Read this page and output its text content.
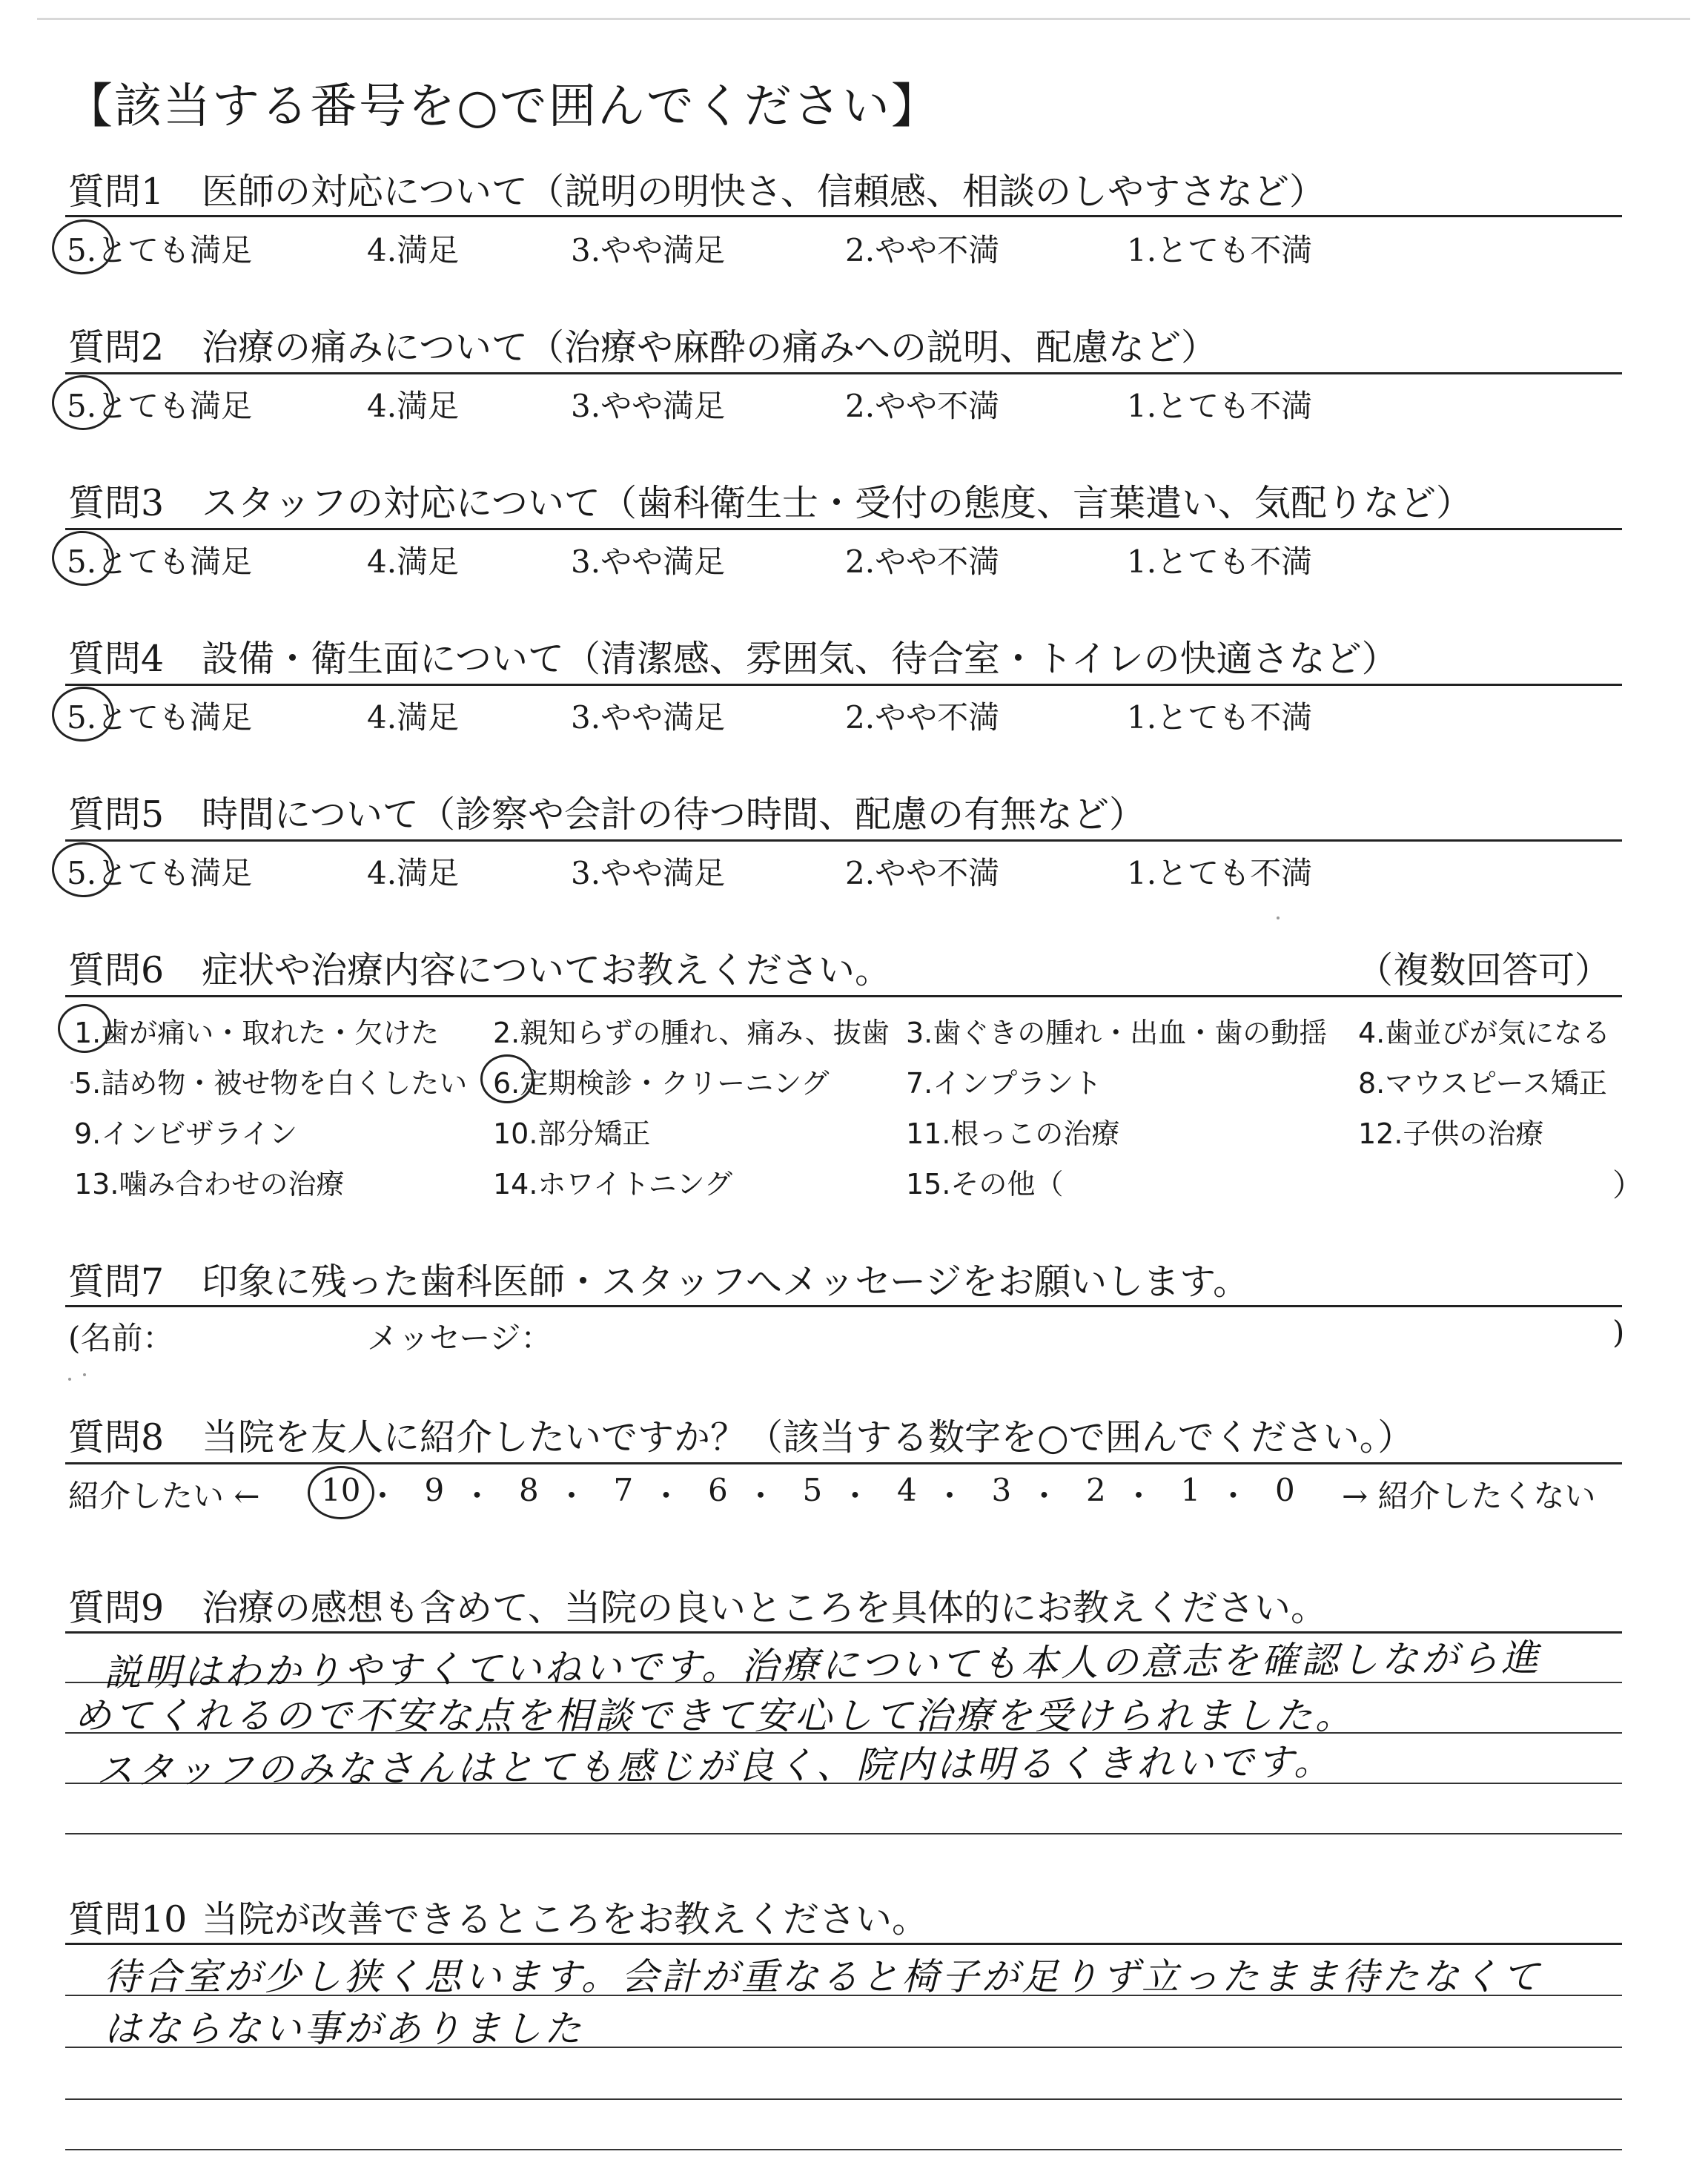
【該当する番号を○で囲んでください】
質問1 医師の対応について（説明の明快さ、信頼感、相談のしやすさなど）
5.とても満足	4.満足	3.やや満足	2.やや不満	1.とても不満
質問2 治療の痛みについて（治療や麻酔の痛みへの説明、配慮など）
5.とても満足	4.満足	3.やや満足	2.やや不満	1.とても不満
質問3 スタッフの対応について（歯科衛生士・受付の態度、言葉遣い、気配りなど）
5.とても満足	4.満足	3.やや満足	2.やや不満	1.とても不満
質問4 設備・衛生面について（清潔感、雰囲気、待合室・トイレの快適さなど）
5.とても満足	4.満足	3.やや満足	2.やや不満	1.とても不満
質問5 時間について（診察や会計の待つ時間、配慮の有無など）
5.とても満足	4.満足	3.やや満足	2.やや不満	1.とても不満
質問6 症状や治療内容についてお教えください。	（複数回答可）
1.歯が痛い・取れた・欠けた 2.親知らずの腫れ、痛み、抜歯 3.歯ぐきの腫れ・出血・歯の動揺 4.歯並びが気になる
5.詰め物・被せ物を白くしたい 6.定期検診・クリーニング	7.インプラント	8.マウスピース矯正
9.インビザライン	10.部分矯正	11.根っこの治療	12.子供の治療
13.噛み合わせの治療	14.ホワイトニング	15.その他（	）
質問7 印象に残った歯科医師・スタッフへメッセージをお願いします。
(名前：	メッセージ：	)
質問8 当院を友人に紹介したいですか？（該当する数字を○で囲んでください。）
紹介したい ←	→ 紹介したくない
10 ・ 9 ・ 8 ・ 7 ・ 6 ・ 5 ・ 4 ・ 3 ・ 2 ・ 1 ・ 0
質問9 治療の感想も含めて、当院の良いところを具体的にお教えください。
説明はわかりやすくていねいです。治療についても本人の意志を確認しながら進
めてくれるので不安な点を相談できて安心して治療を受けられました。
スタッフのみなさんはとても感じが良く、院内は明るくきれいです。
質問10 当院が改善できるところをお教えください。
待合室が少し狭く思います。会計が重なると椅子が足りず立ったまま待たなくて
はならない事がありました
